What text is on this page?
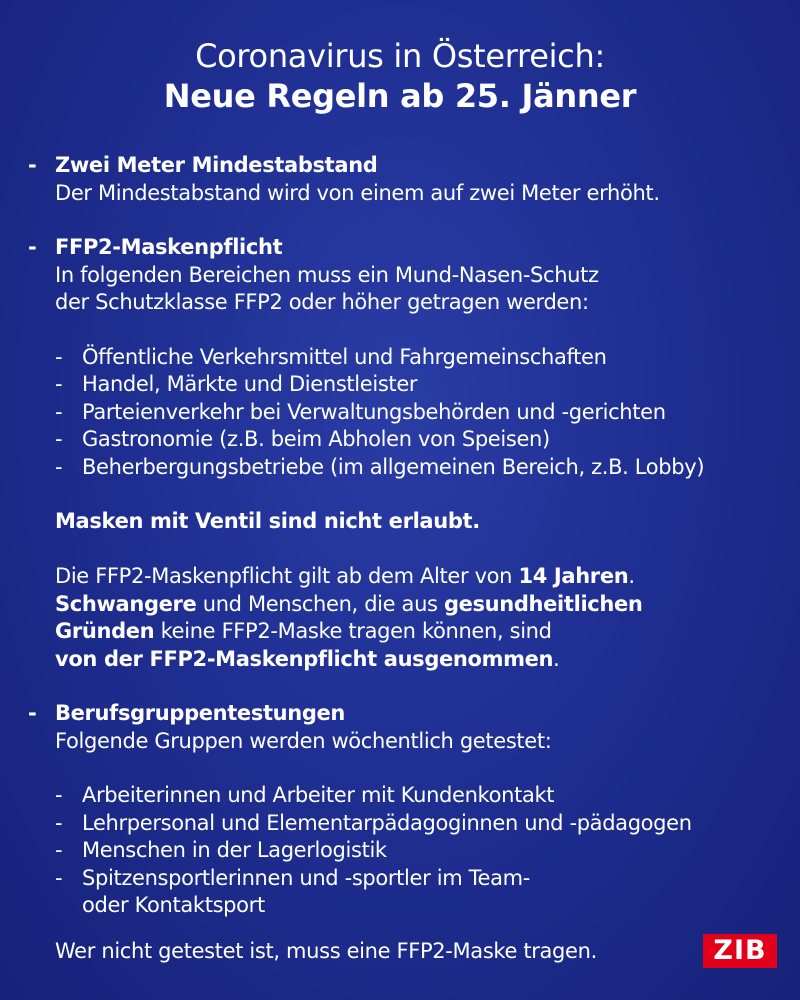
Coronavirus in Österreich:
Neue Regeln ab 25. Jänner
- Zwei Meter Mindestabstand
Der Mindestabstand wird von einem auf zwei Meter erhöht.
- FFP2-Maskenpflicht
In folgenden Bereichen muss ein Mund-Nasen-Schutz
der Schutzklasse FFP2 oder höher getragen werden:
- Öffentliche Verkehrsmittel und Fahrgemeinschaften
- Handel, Märkte und Dienstleister
- Parteienverkehr bei Verwaltungsbehörden und -gerichten
- Gastronomie (z.B. beim Abholen von Speisen)
- Beherbergungsbetriebe (im allgemeinen Bereich, z.B. Lobby)
Masken mit Ventil sind nicht erlaubt.
Die FFP2-Maskenpflicht gilt ab dem Alter von 14 Jahren.
Schwangere und Menschen, die aus gesundheitlichen
Gründen keine FFP2-Maske tragen können, sind
von der FFP2-Maskenpflicht ausgenommen.
- Berufsgruppentestungen
Folgende Gruppen werden wöchentlich getestet:
- Arbeiterinnen und Arbeiter mit Kundenkontakt
- Lehrpersonal und Elementarpädagoginnen und -pädagogen
- Menschen in der Lagerlogistik
- Spitzensportlerinnen und -sportler im Team-
oder Kontaktsport
Wer nicht getestet ist, muss eine FFP2-Maske tragen.	ZIB
